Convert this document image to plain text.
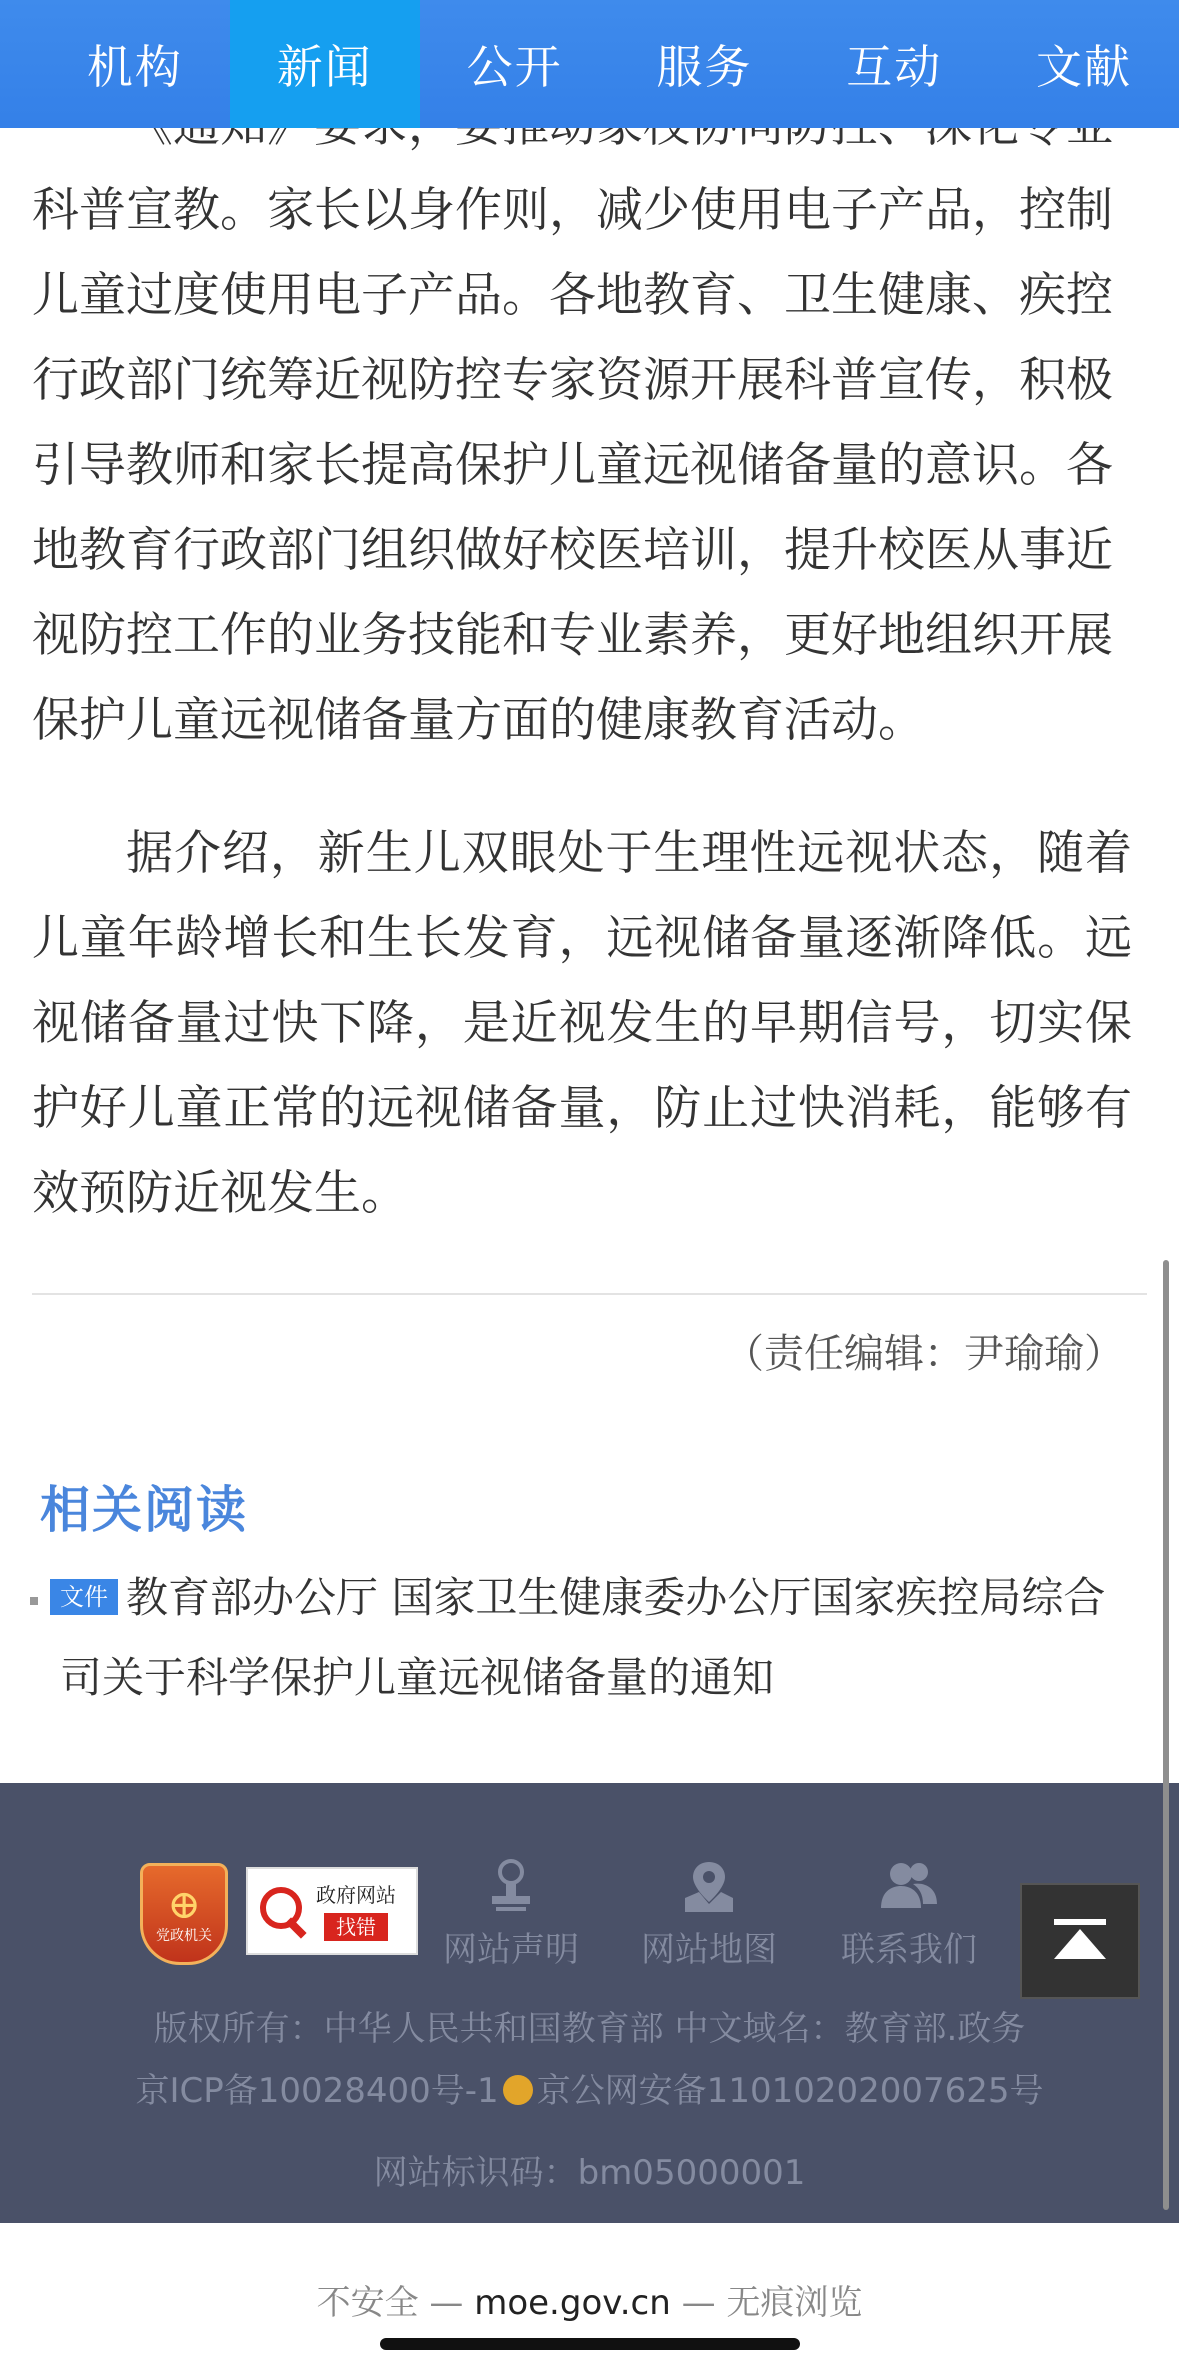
机构	新闻	公开	服务	互动	文献

科普宣教。家长以身作则，减少使用电子产品，控制
儿童过度使用电子产品。各地教育、卫生健康、疾控
行政部门统筹近视防控专家资源开展科普宣传，积极
引导教师和家长提高保护儿童远视储备量的意识。各
地教育行政部门组织做好校医培训，提升校医从事近
视防控工作的业务技能和专业素养，更好地组织开展
保护儿童远视储备量方面的健康教育活动。

据介绍，新生儿双眼处于生理性远视状态，随着儿童年龄增长和生长发育，远视储备量逐渐降低。远视储备量过快下降，是近视发生的早期信号，切实保护好儿童正常的远视储备量，防止过快消耗，能够有效预防近视发生。

（责任编辑：尹瑜瑜）
相关阅读
文件 教育部办公厅 国家卫生健康委办公厅国家疾控局综合
司关于科学保护儿童远视储备量的通知
⊕
党政机关
政府网站
找错
网站声明 网站地图 联系我们
版权所有：中华人民共和国教育部 中文域名：教育部.政务
京ICP备10028400号-1 京公网安备11010202007625号
网站标识码：bm05000001
不安全 — moe.gov.cn — 无痕浏览
